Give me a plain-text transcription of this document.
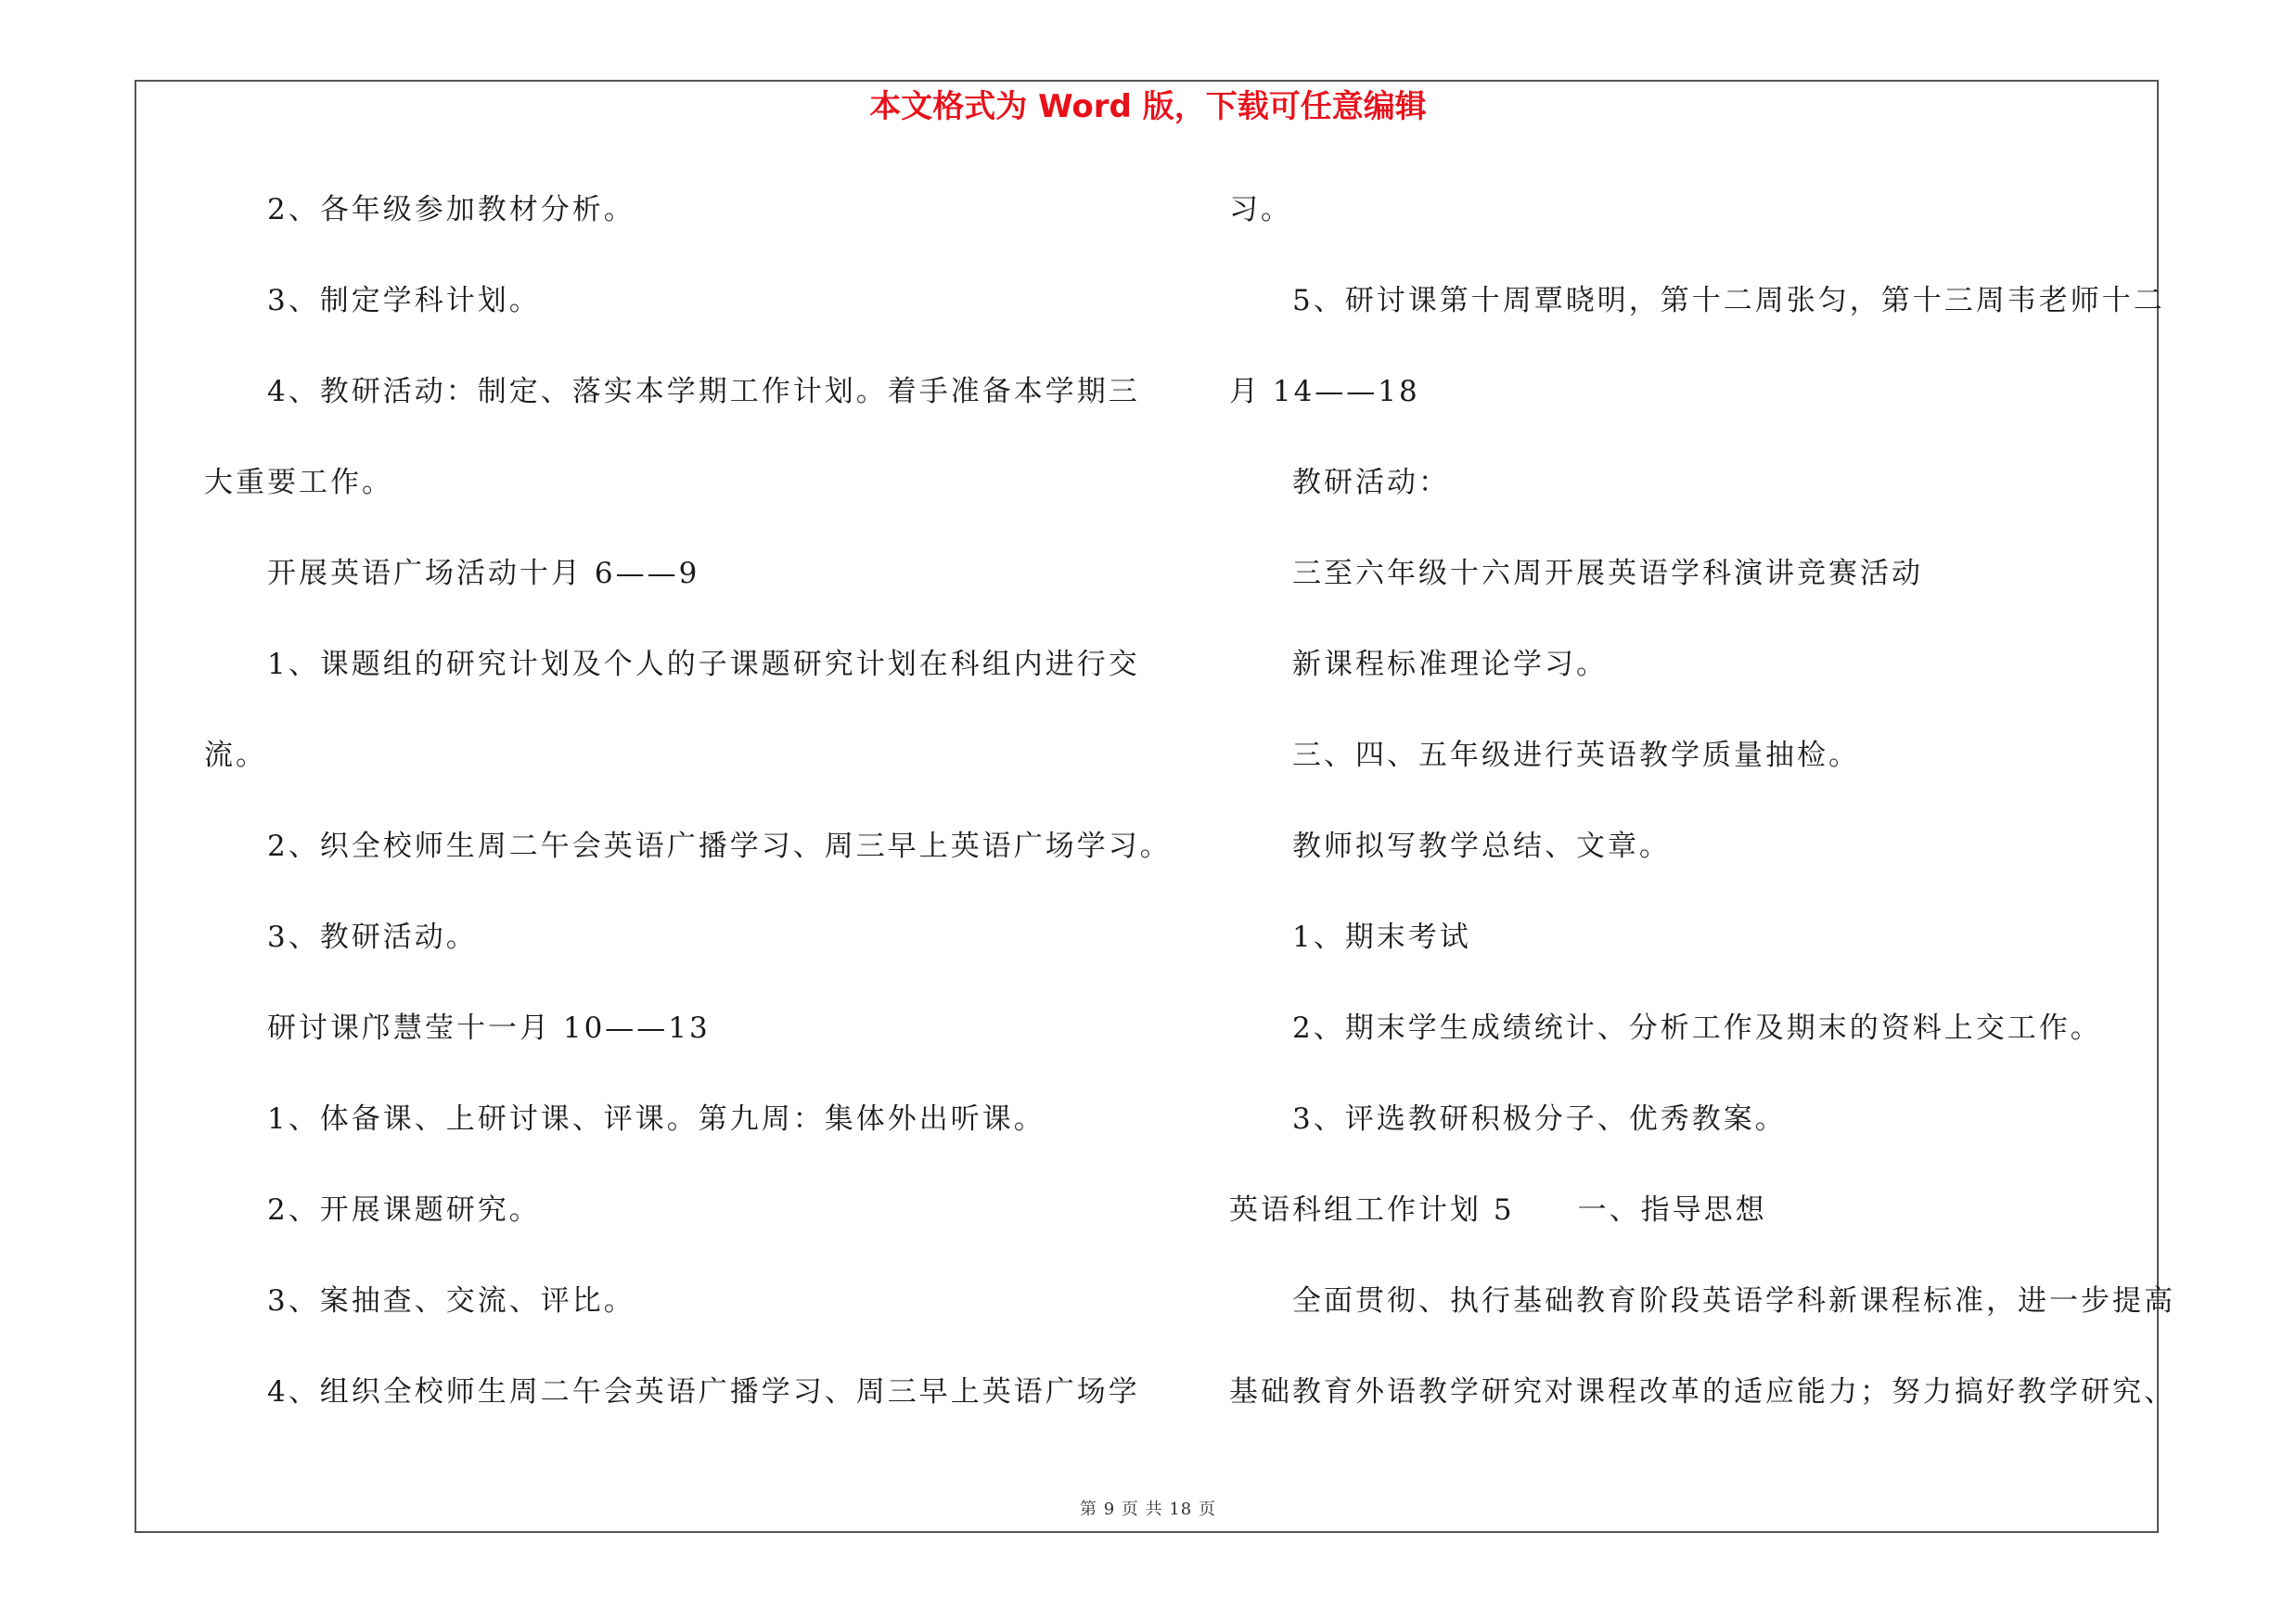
本文格式为 Word 版，下载可任意编辑
2、各年级参加教材分析。
3、制定学科计划。
4、教研活动：制定、落实本学期工作计划。着手准备本学期三
大重要工作。
开展英语广场活动十月 6——9
1、课题组的研究计划及个人的子课题研究计划在科组内进行交
流。
2、织全校师生周二午会英语广播学习、周三早上英语广场学习。
3、教研活动。
研讨课邝慧莹十一月 10——13
1、体备课、上研讨课、评课。第九周：集体外出听课。
2、开展课题研究。
3、案抽查、交流、评比。
4、组织全校师生周二午会英语广播学习、周三早上英语广场学
习。
5、研讨课第十周覃晓明，第十二周张匀，第十三周韦老师十二
月 14——18
教研活动：
三至六年级十六周开展英语学科演讲竞赛活动
新课程标准理论学习。
三、四、五年级进行英语教学质量抽检。
教师拟写教学总结、文章。
1、期末考试
2、期末学生成绩统计、分析工作及期末的资料上交工作。
3、评选教研积极分子、优秀教案。
英语科组工作计划 5　　一、指导思想
全面贯彻、执行基础教育阶段英语学科新课程标准，进一步提高
基础教育外语教学研究对课程改革的适应能力；努力搞好教学研究、
第 9 页 共 18 页
